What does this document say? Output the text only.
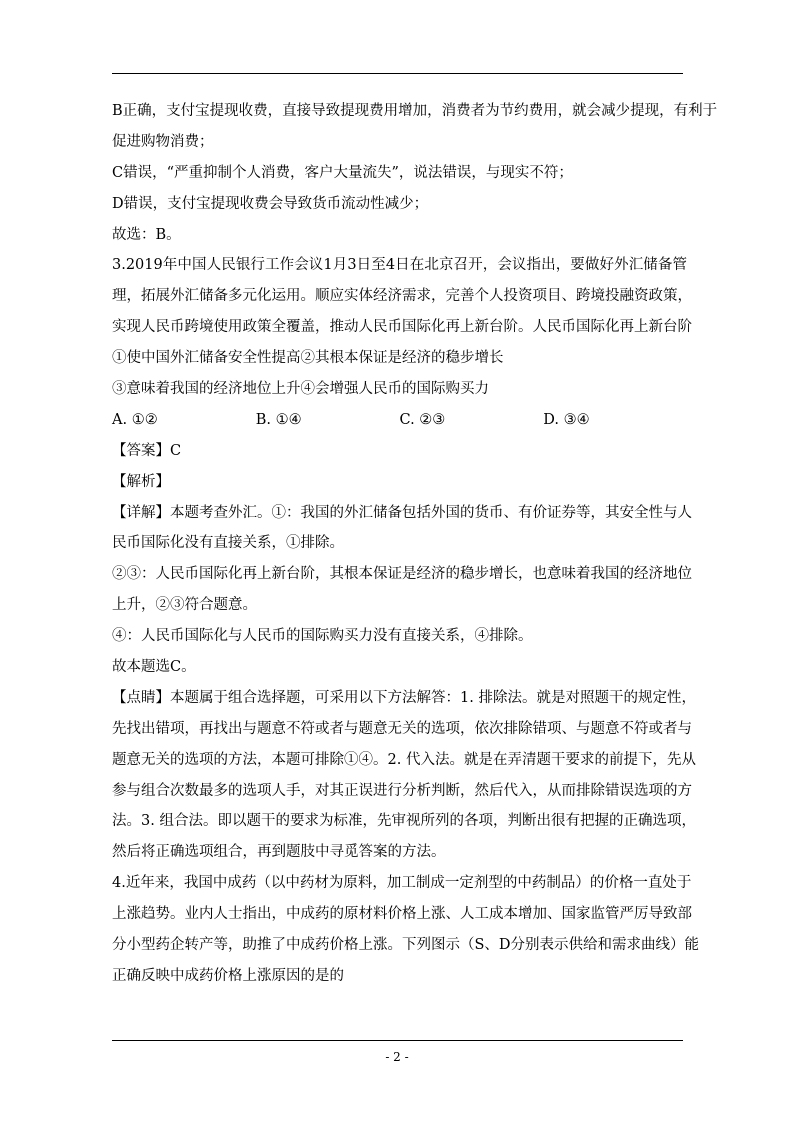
B正确，支付宝提现收费，直接导致提现费用增加，消费者为节约费用，就会减少提现，有利于
促进购物消费；
C错误，“严重抑制个人消费，客户大量流失”，说法错误，与现实不符；
D错误，支付宝提现收费会导致货币流动性减少；
故选：B。
3.2019年中国人民银行工作会议1月3日至4日在北京召开，会议指出，要做好外汇储备管
理，拓展外汇储备多元化运用。顺应实体经济需求，完善个人投资项目、跨境投融资政策，
实现人民币跨境使用政策全覆盖，推动人民币国际化再上新台阶。人民币国际化再上新台阶
①使中国外汇储备安全性提高②其根本保证是经济的稳步增长
③意味着我国的经济地位上升④会增强人民币的国际购买力
A. ①②	B. ①④	C. ②③	D. ③④
【答案】C
【解析】
【详解】本题考查外汇。①：我国的外汇储备包括外国的货币、有价证券等，其安全性与人
民币国际化没有直接关系，①排除。
②③：人民币国际化再上新台阶，其根本保证是经济的稳步增长，也意味着我国的经济地位
上升，②③符合题意。
④：人民币国际化与人民币的国际购买力没有直接关系，④排除。
故本题选C。
【点睛】本题属于组合选择题，可采用以下方法解答：1. 排除法。就是对照题干的规定性，
先找出错项，再找出与题意不符或者与题意无关的选项，依次排除错项、与题意不符或者与
题意无关的选项的方法，本题可排除①④。2. 代入法。就是在弄清题干要求的前提下，先从
参与组合次数最多的选项人手，对其正误进行分析判断，然后代入，从而排除错误选项的方
法。3. 组合法。即以题干的要求为标准，先审视所列的各项，判断出很有把握的正确选项，
然后将正确选项组合，再到题肢中寻觅答案的方法。
4.近年来，我国中成药（以中药材为原料，加工制成一定剂型的中药制品）的价格一直处于
上涨趋势。业内人士指出，中成药的原材料价格上涨、人工成本增加、国家监管严厉导致部
分小型药企转产等，助推了中成药价格上涨。下列图示（S、D分别表示供给和需求曲线）能
正确反映中成药价格上涨原因的是的
- 2 -
